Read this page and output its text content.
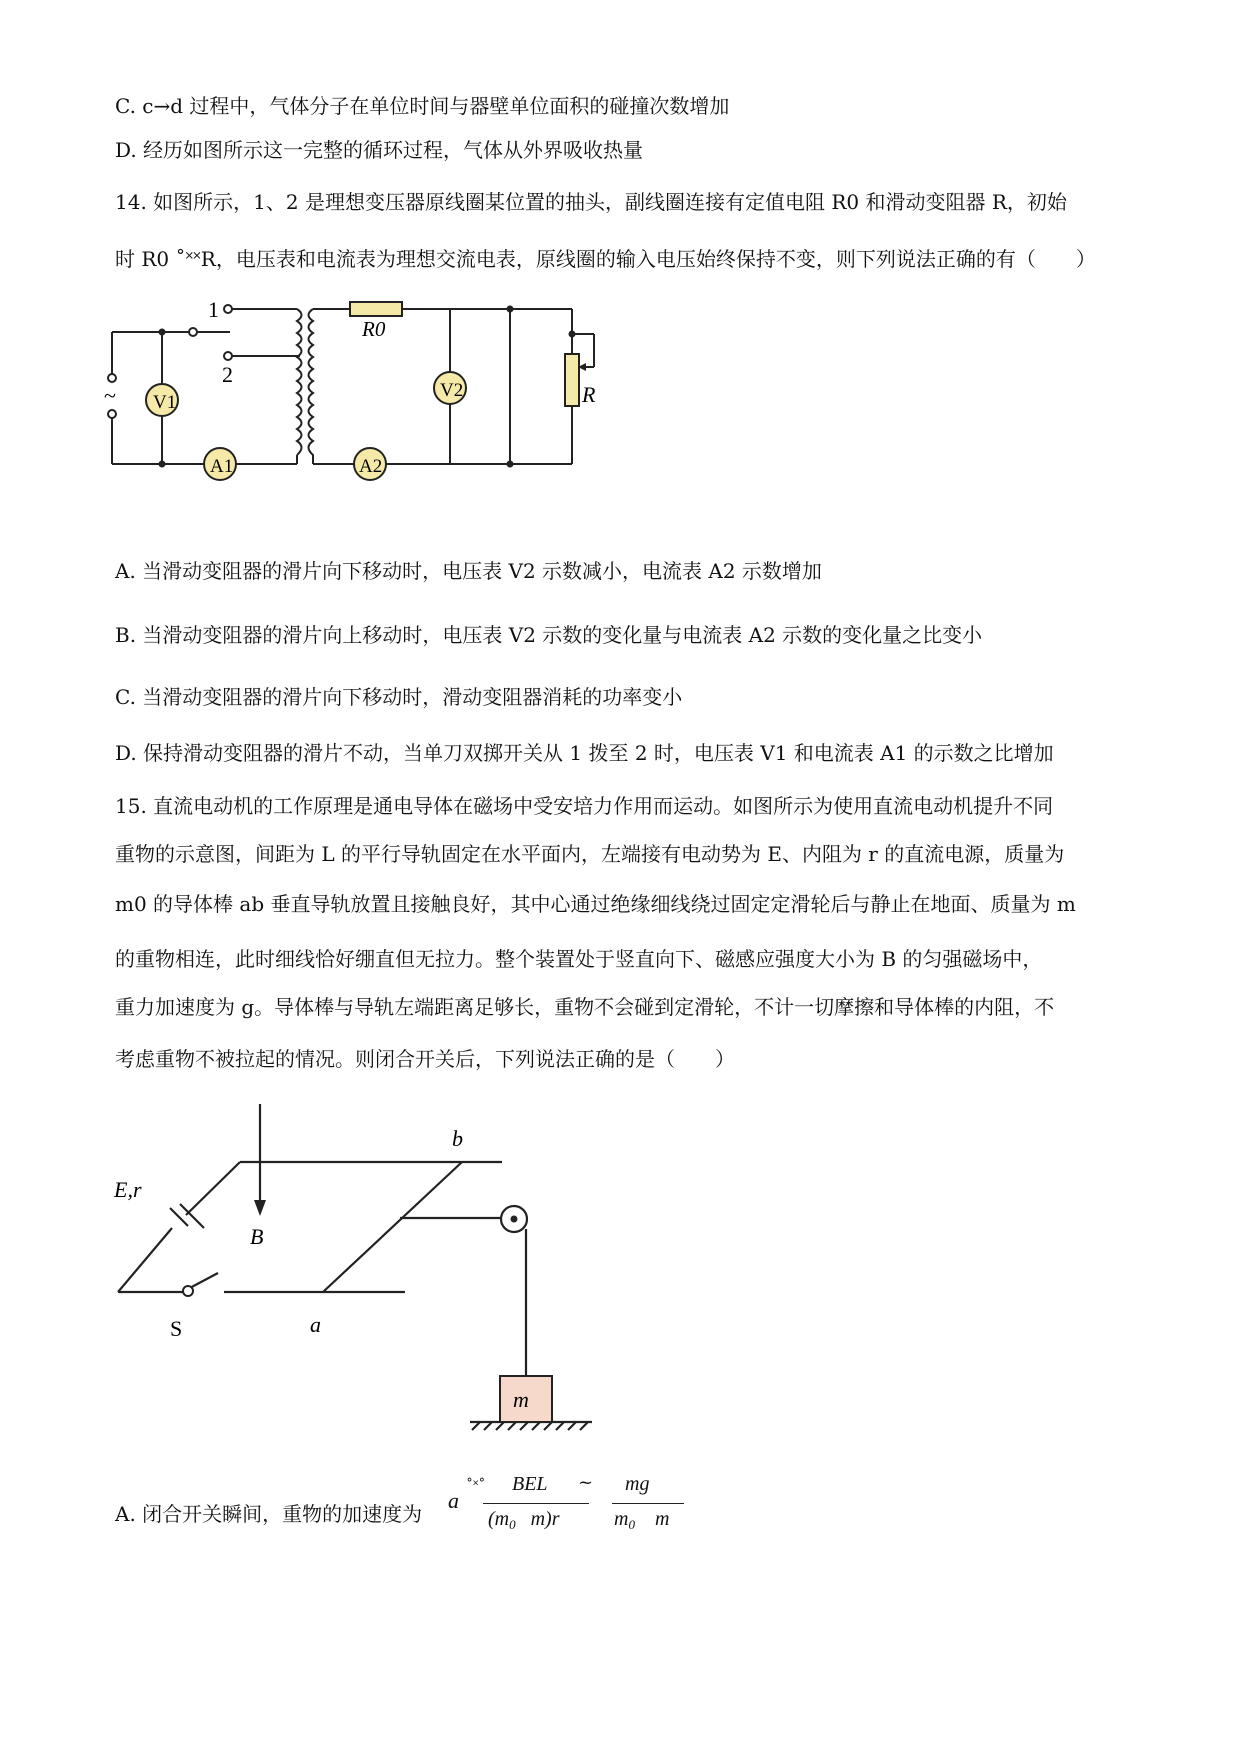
C. c→d 过程中，气体分子在单位时间与器壁单位面积的碰撞次数增加
D. 经历如图所示这一完整的循环过程，气体从外界吸收热量
14. 如图所示，1、2 是理想变压器原线圈某位置的抽头，副线圈连接有定值电阻 R0 和滑动变阻器 R，初始
时 R0 ˚˟˟R，电压表和电流表为理想交流电表，原线圈的输入电压始终保持不变，则下列说法正确的有（　　）
1
2
~ V1
A1	A2
V2
R0
R
A. 当滑动变阻器的滑片向下移动时，电压表 V2 示数减小，电流表 A2 示数增加
B. 当滑动变阻器的滑片向上移动时，电压表 V2 示数的变化量与电流表 A2 示数的变化量之比变小
C. 当滑动变阻器的滑片向下移动时，滑动变阻器消耗的功率变小
D. 保持滑动变阻器的滑片不动，当单刀双掷开关从 1 拨至 2 时，电压表 V1 和电流表 A1 的示数之比增加
15. 直流电动机的工作原理是通电导体在磁场中受安培力作用而运动。如图所示为使用直流电动机提升不同
重物的示意图，间距为 L 的平行导轨固定在水平面内，左端接有电动势为 E、内阻为 r 的直流电源，质量为
m0 的导体棒 ab 垂直导轨放置且接触良好，其中心通过绝缘细线绕过固定定滑轮后与静止在地面、质量为 m
的重物相连，此时细线恰好绷直但无拉力。整个装置处于竖直向下、磁感应强度大小为 B 的匀强磁场中，
重力加速度为 g。导体棒与导轨左端距离足够长，重物不会碰到定滑轮，不计一切摩擦和导体棒的内阻，不
考虑重物不被拉起的情况。则闭合开关后，下列说法正确的是（　　）
b
a
E,r
B
S
m
A. 闭合开关瞬间，重物的加速度为
a
˚˟˚ BEL ~
($m_0$ m)r
mg
$m_0$ m
